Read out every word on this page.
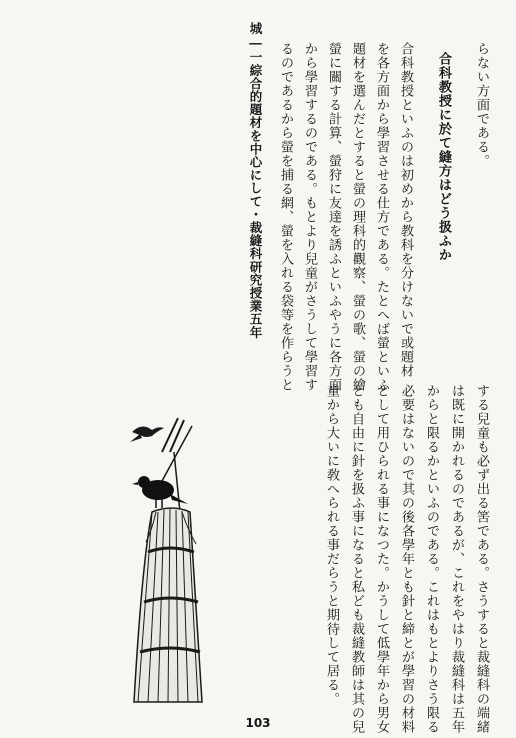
城―一綜合的題材を中心にして・裁縫科研究授業五年	らない方面である。
合科教授に於て縫方はどう扱ふか
合科教授といふのは初めから教科を分けないで或題材
を各方面から學習させる仕方である。たとへば螢といふ
題材を選んだとすると螢の理科的觀察、螢の歌、螢の繪
螢に關する計算、螢狩に友達を誘ふといふやうに各方面
から學習するのである。もとより兒童がさうして學習す
るのであるから螢を捕る網、螢を入れる袋等を作らうと
する兒童も必ず出る筈である。さうすると裁縫科の端緒
は既に開かれるのであるが、これをやはり裁縫科は五年
からと限るかといふのである。これはもとよりさう限る
必要はないので其の後各學年とも針と締とが學習の材料
として用ひられる事になつた。かうして低學年から男女
とも自由に針を扱ふ事になると私ども裁縫教師は其の兒
童から大いに敎へられる事だらうと期待して居る。
103
